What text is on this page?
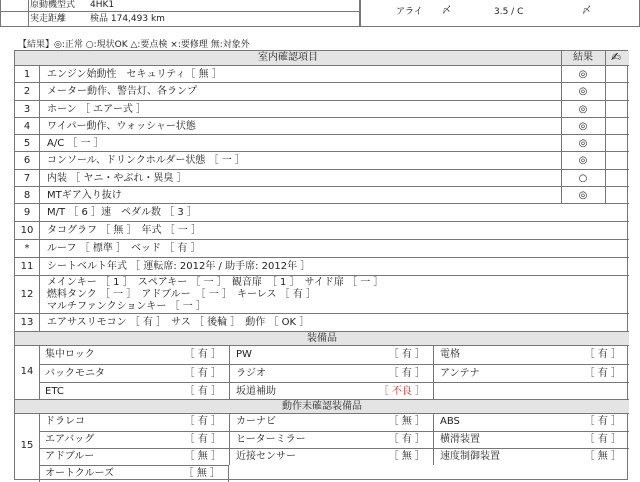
原動機型式 4HK1
実走距離	検品 174,493 km
アライ 〆	3.5 / C	〆
【結果】◎:正常 ○:現状OK △:要点検 ×:要修理 無:対象外
室内確認項目	結果	✍
1	エンジン始動性　セキュリティ［ 無 ］	◎
2	メーター動作、警告灯、各ランプ	◎
3	ホーン ［ エアー式 ］	◎
4	ワイパー動作、ウォッシャー状態	◎
5	A/C ［ 一 ］	◎
6	コンソール、ドリンクホルダー状態 ［ 一 ］	◎
7	内装 ［ ヤニ・やぶれ・異臭 ］	○
8	MTギア入り抜け	◎
9	M/T ［ 6 ］速　ペダル数 ［ 3 ］
10	タコグラフ ［ 無 ］　年式 ［ 一 ］
*	ルーフ ［ 標準 ］　ベッド ［ 有 ］
11	シートベルト年式 ［ 運転席: 2012年 / 助手席: 2012年 ］
12
メインキー ［ 1 ］　スペアキー ［ 一 ］　観音扉　［ 1 ］　サイド扉 ［ 一 ］
燃料タンク ［ 一 ］　アドブルー　［ 一 ］　キーレス ［ 有 ］
マルチファンクションキー ［ 一 ］
13	エアサスリモコン ［ 有 ］　サス ［ 後輪 ］　動作 ［ OK ］
装備品
14
集中ロック	［ 有 ］ PW	［ 有 ］ 電格	［ 有 ］
バックモニタ	［ 有 ］ ラジオ	［ 有 ］ アンテナ	［ 有 ］
ETC	［ 有 ］ 坂道補助	［ 不良 ］
動作未確認装備品
15
ドラレコ	［ 有 ］ カーナビ	［ 無 ］ ABS	［ 有 ］
エアバッグ	［ 有 ］ ヒーターミラー	［ 有 ］ 横滑装置	［ 有 ］
アドブルー	［ 無 ］ 近接センサー	［ 無 ］ 速度制御装置	［ 無 ］
オートクルーズ	［ 無 ］
